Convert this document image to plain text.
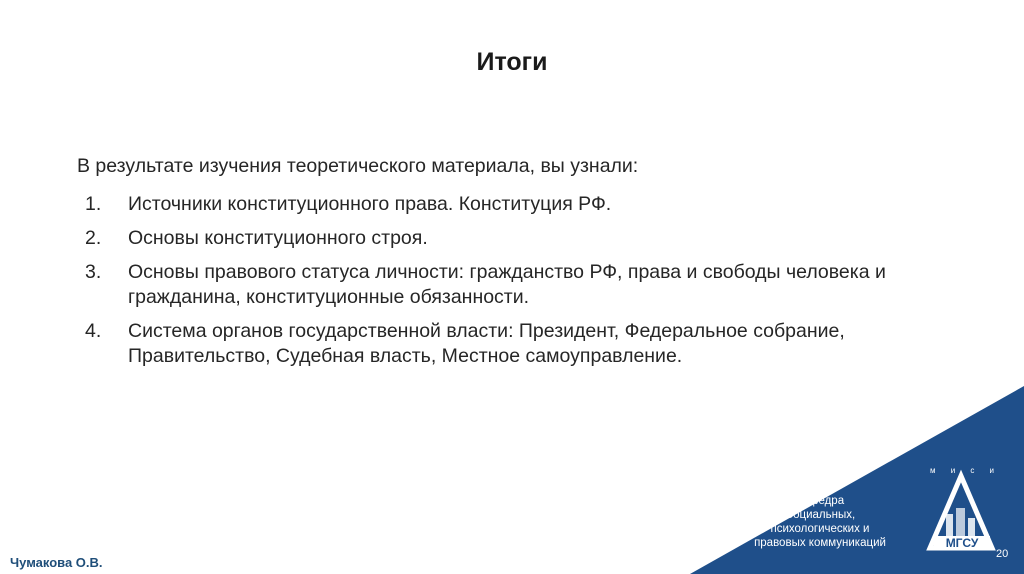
Итоги
В результате изучения теоретического материала, вы узнали:
1.	Источники конституционного права. Конституция РФ.
2.	Основы конституционного строя.
3.	Основы правового статуса личности: гражданство РФ, права и свободы человека и гражданина, конституционные обязанности.
4.	Система органов государственной власти: Президент, Федеральное собрание, Правительство, Судебная власть, Местное самоуправление.
м и с и
МГСУ
Кафедра
Социальных,
психологических и
правовых коммуникаций
20
Чумакова О.В.
